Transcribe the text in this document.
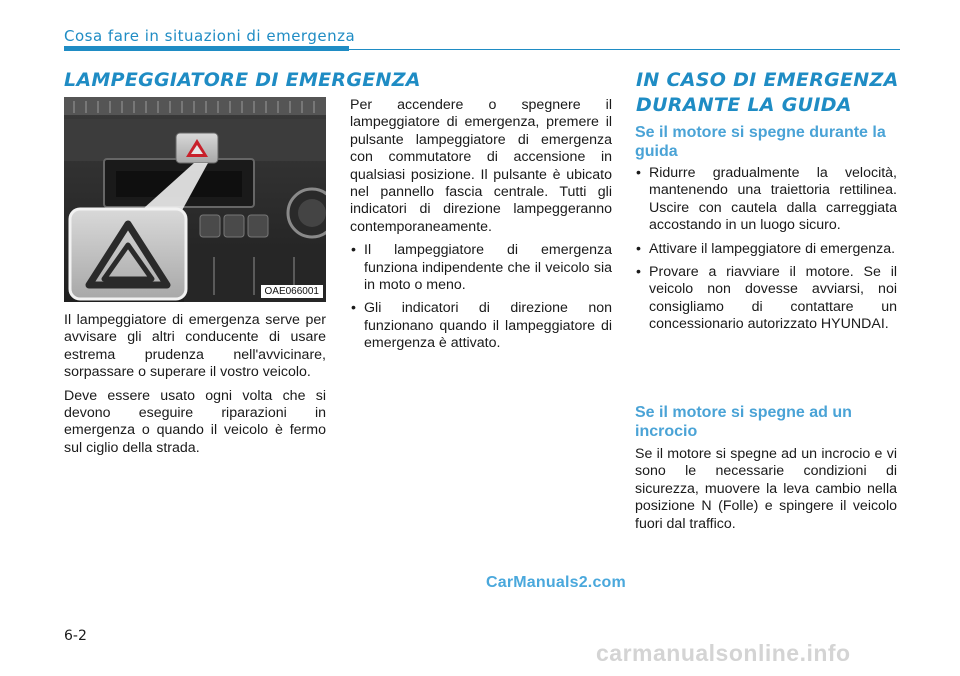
Cosa fare in situazioni di emergenza
LAMPEGGIATORE DI EMERGENZA
OAE066001

Il lampeggiatore di emergenza serve per avvisare gli altri conducente di usare estrema prudenza nell'avvicinare, sorpassare o superare il vostro veicolo.

Deve essere usato ogni volta che si devono eseguire riparazioni in emergenza o quando il veicolo è fermo sul ciglio della strada.

Per accendere o spegnere il lampeggiatore di emergenza, premere il pulsante lampeggiatore di emergenza con commutatore di accensione in qualsiasi posizione. Il pulsante è ubicato nel pannello fascia centrale. Tutti gli indicatori di direzione lampeggeranno contemporaneamente.

• Il lampeggiatore di emergenza funziona indipendente che il veicolo sia in moto o meno.
• Gli indicatori di direzione non funzionano quando il lampeggiatore di emergenza è attivato.
IN CASO DI EMERGENZA
DURANTE LA GUIDA
Se il motore si spegne durante la guida
• Ridurre gradualmente la velocità, mantenendo una traiettoria rettilinea. Uscire con cautela dalla carreggiata accostando in un luogo sicuro.
• Attivare il lampeggiatore di emergenza.
• Provare a riavviare il motore. Se il veicolo non dovesse avviarsi, noi consigliamo di contattare un concessionario autorizzato HYUNDAI.
Se il motore si spegne ad un incrocio

Se il motore si spegne ad un incrocio e vi sono le necessarie condizioni di sicurezza, muovere la leva cambio nella posizione N (Folle) e spingere il veicolo fuori dal traffico.

CarManuals2.com
6-2
carmanualsonline.info
